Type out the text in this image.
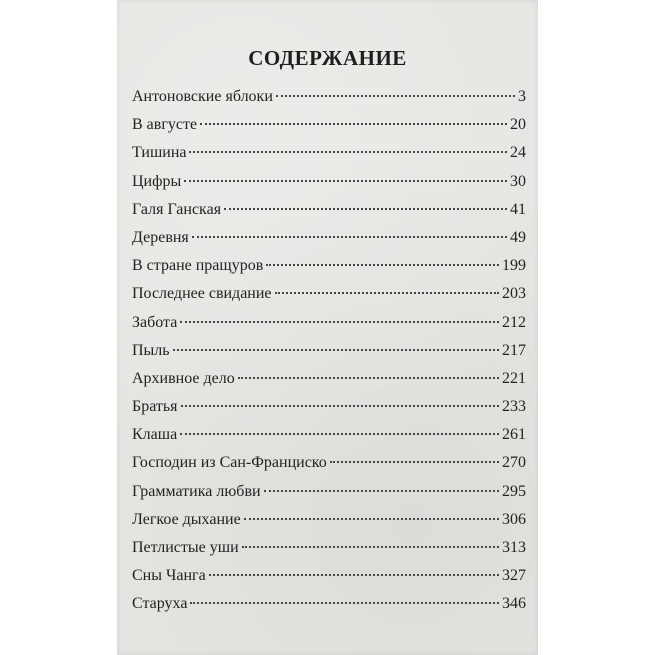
СОДЕРЖАНИЕ
Антоновские яблоки	3
В августе	20
Тишина	24
Цифры	30
Галя Ганская	41
Деревня	49
В стране пращуров	199
Последнее свидание	203
Забота	212
Пыль	217
Архивное дело	221
Братья	233
Клаша	261
Господин из Сан-Франциско	270
Грамматика любви	295
Легкое дыхание	306
Петлистые уши	313
Сны Чанга	327
Старуха	346
